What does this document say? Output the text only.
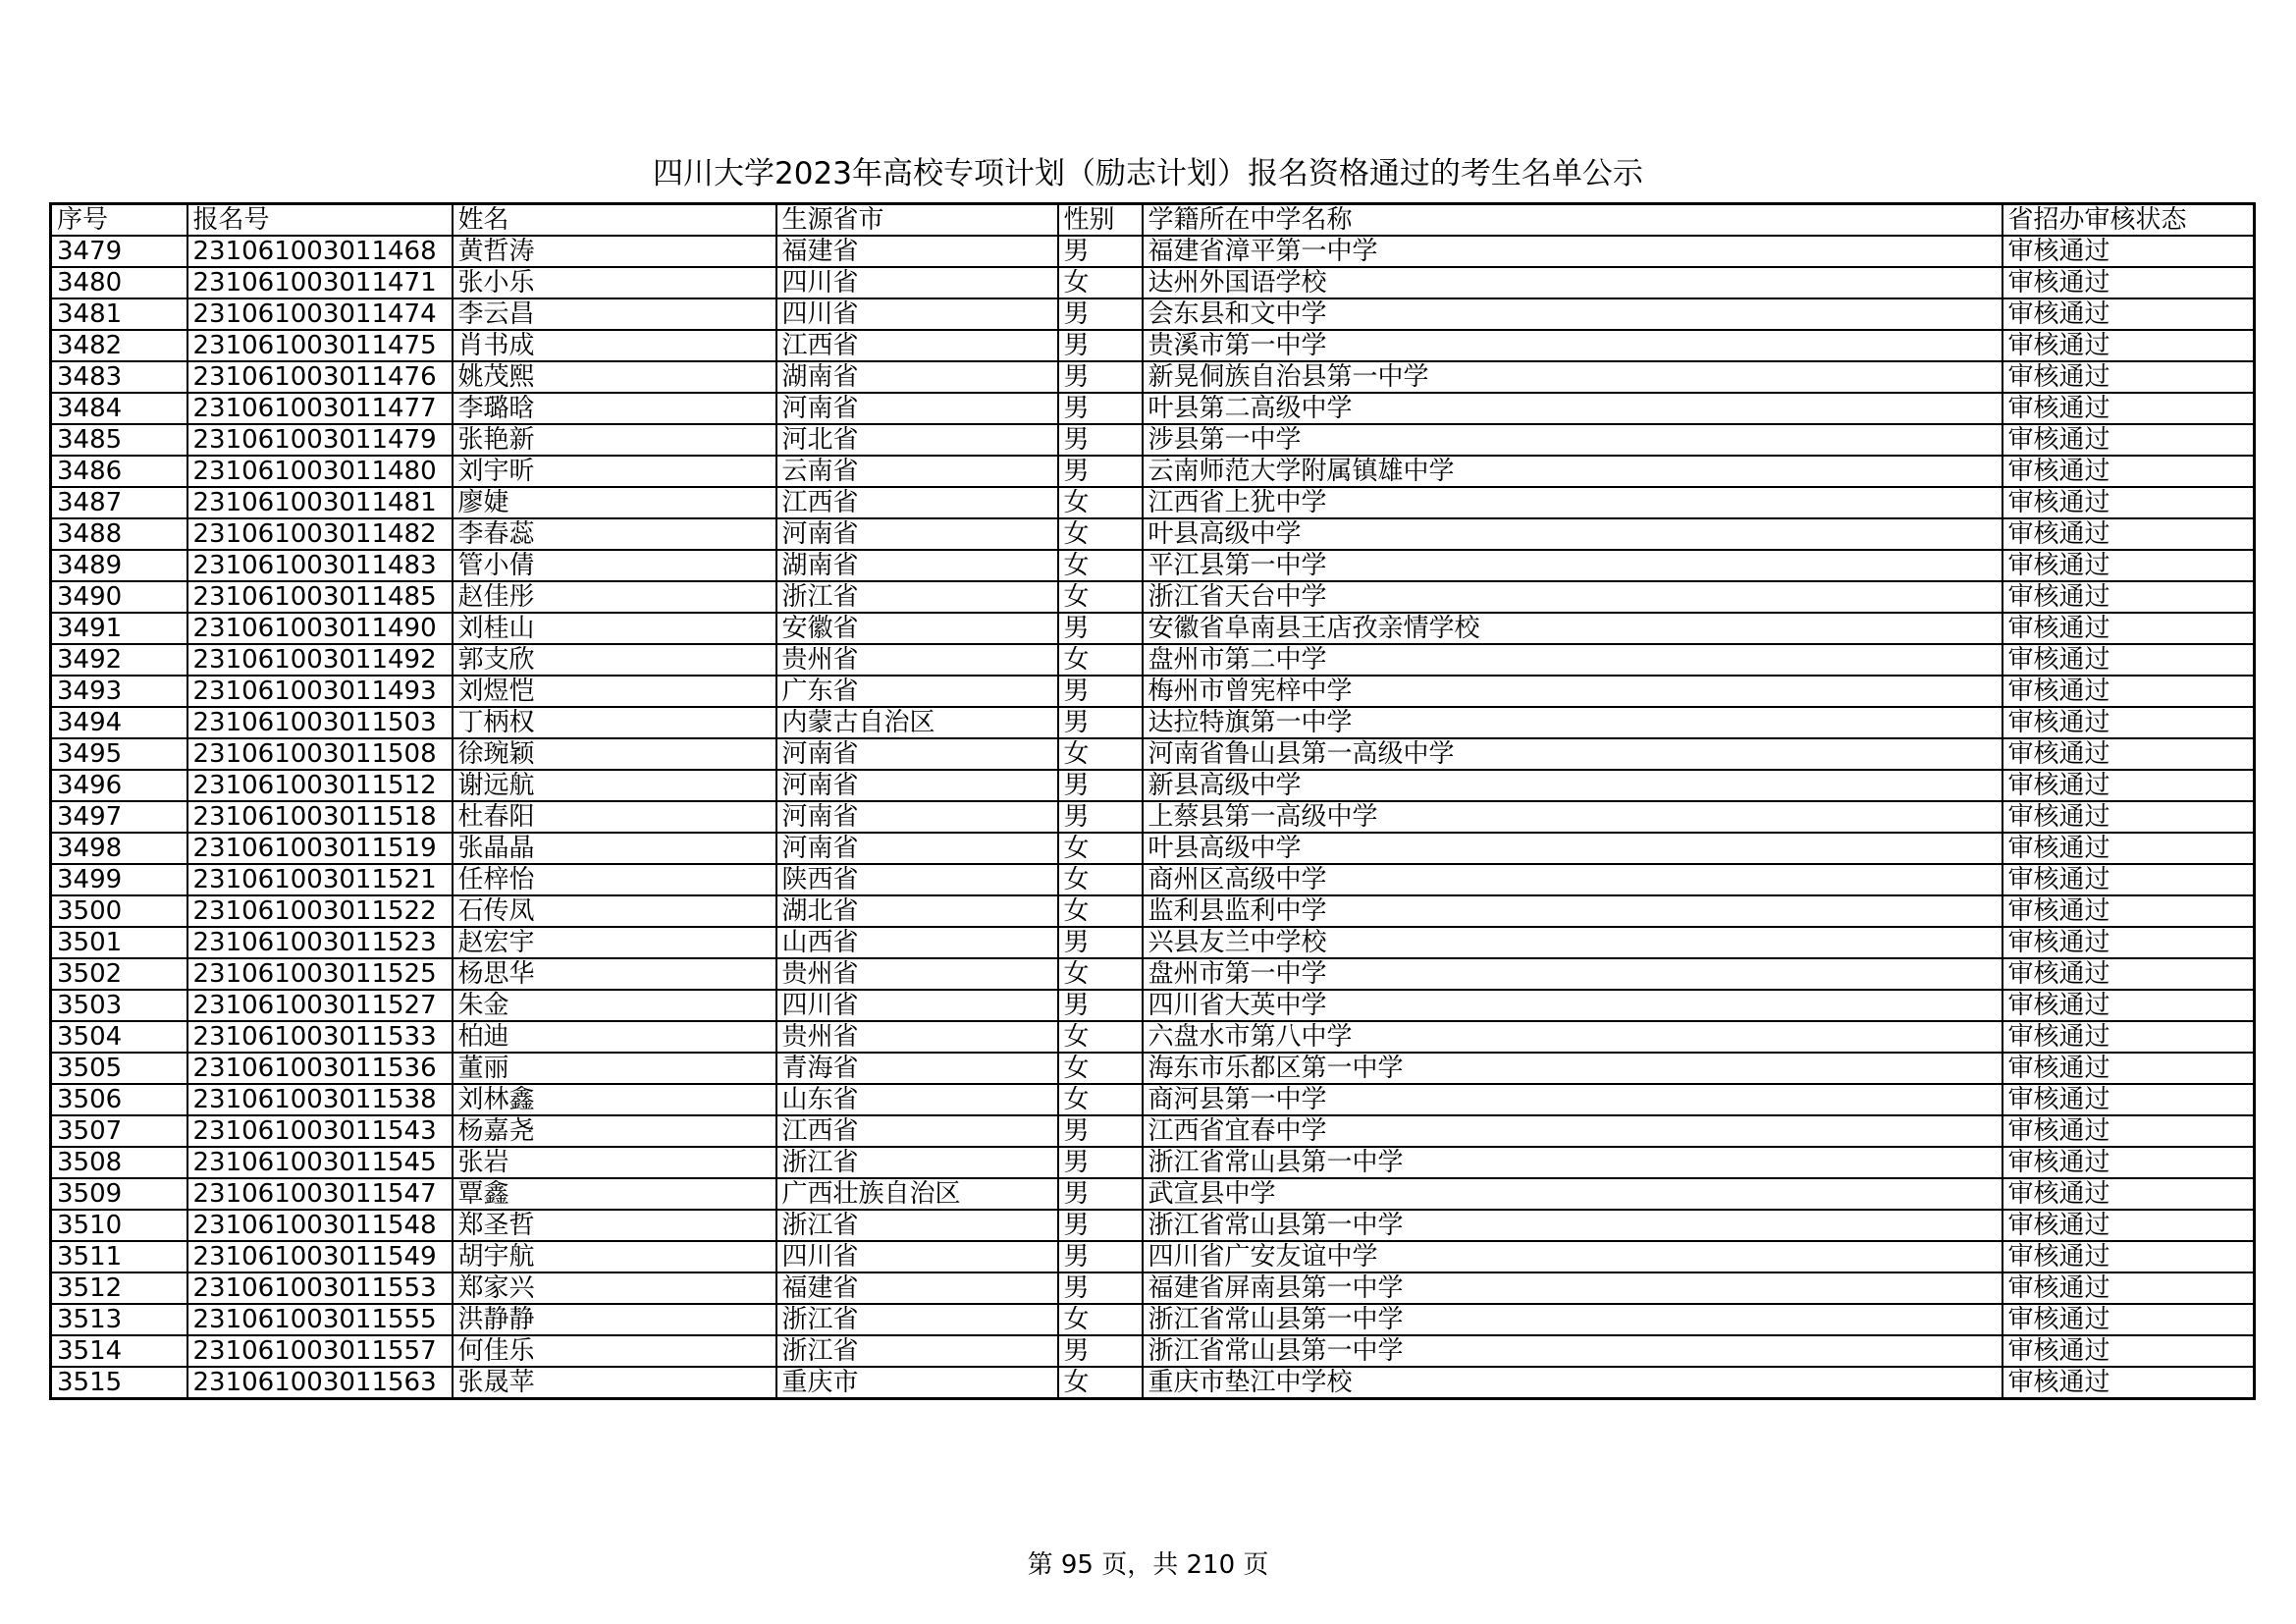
四川大学2023年高校专项计划（励志计划）报名资格通过的考生名单公示
序号	报名号	姓名	生源省市	性别	学籍所在中学名称	省招办审核状态
3479	231061003011468	黄哲涛	福建省	男	福建省漳平第一中学	审核通过
3480	231061003011471	张小乐	四川省	女	达州外国语学校	审核通过
3481	231061003011474	李云昌	四川省	男	会东县和文中学	审核通过
3482	231061003011475	肖书成	江西省	男	贵溪市第一中学	审核通过
3483	231061003011476	姚茂熙	湖南省	男	新晃侗族自治县第一中学	审核通过
3484	231061003011477	李璐晗	河南省	男	叶县第二高级中学	审核通过
3485	231061003011479	张艳新	河北省	男	涉县第一中学	审核通过
3486	231061003011480	刘宇昕	云南省	男	云南师范大学附属镇雄中学	审核通过
3487	231061003011481	廖婕	江西省	女	江西省上犹中学	审核通过
3488	231061003011482	李春蕊	河南省	女	叶县高级中学	审核通过
3489	231061003011483	管小倩	湖南省	女	平江县第一中学	审核通过
3490	231061003011485	赵佳彤	浙江省	女	浙江省天台中学	审核通过
3491	231061003011490	刘桂山	安徽省	男	安徽省阜南县王店孜亲情学校	审核通过
3492	231061003011492	郭支欣	贵州省	女	盘州市第二中学	审核通过
3493	231061003011493	刘煜恺	广东省	男	梅州市曾宪梓中学	审核通过
3494	231061003011503	丁柄权	内蒙古自治区	男	达拉特旗第一中学	审核通过
3495	231061003011508	徐琬颖	河南省	女	河南省鲁山县第一高级中学	审核通过
3496	231061003011512	谢远航	河南省	男	新县高级中学	审核通过
3497	231061003011518	杜春阳	河南省	男	上蔡县第一高级中学	审核通过
3498	231061003011519	张晶晶	河南省	女	叶县高级中学	审核通过
3499	231061003011521	任梓怡	陕西省	女	商州区高级中学	审核通过
3500	231061003011522	石传凤	湖北省	女	监利县监利中学	审核通过
3501	231061003011523	赵宏宇	山西省	男	兴县友兰中学校	审核通过
3502	231061003011525	杨思华	贵州省	女	盘州市第一中学	审核通过
3503	231061003011527	朱金	四川省	男	四川省大英中学	审核通过
3504	231061003011533	柏迪	贵州省	女	六盘水市第八中学	审核通过
3505	231061003011536	董丽	青海省	女	海东市乐都区第一中学	审核通过
3506	231061003011538	刘林鑫	山东省	女	商河县第一中学	审核通过
3507	231061003011543	杨嘉尧	江西省	男	江西省宜春中学	审核通过
3508	231061003011545	张岩	浙江省	男	浙江省常山县第一中学	审核通过
3509	231061003011547	覃鑫	广西壮族自治区	男	武宣县中学	审核通过
3510	231061003011548	郑圣哲	浙江省	男	浙江省常山县第一中学	审核通过
3511	231061003011549	胡宇航	四川省	男	四川省广安友谊中学	审核通过
3512	231061003011553	郑家兴	福建省	男	福建省屏南县第一中学	审核通过
3513	231061003011555	洪静静	浙江省	女	浙江省常山县第一中学	审核通过
3514	231061003011557	何佳乐	浙江省	男	浙江省常山县第一中学	审核通过
3515	231061003011563	张晟苹	重庆市	女	重庆市垫江中学校	审核通过
第 95 页，共 210 页
